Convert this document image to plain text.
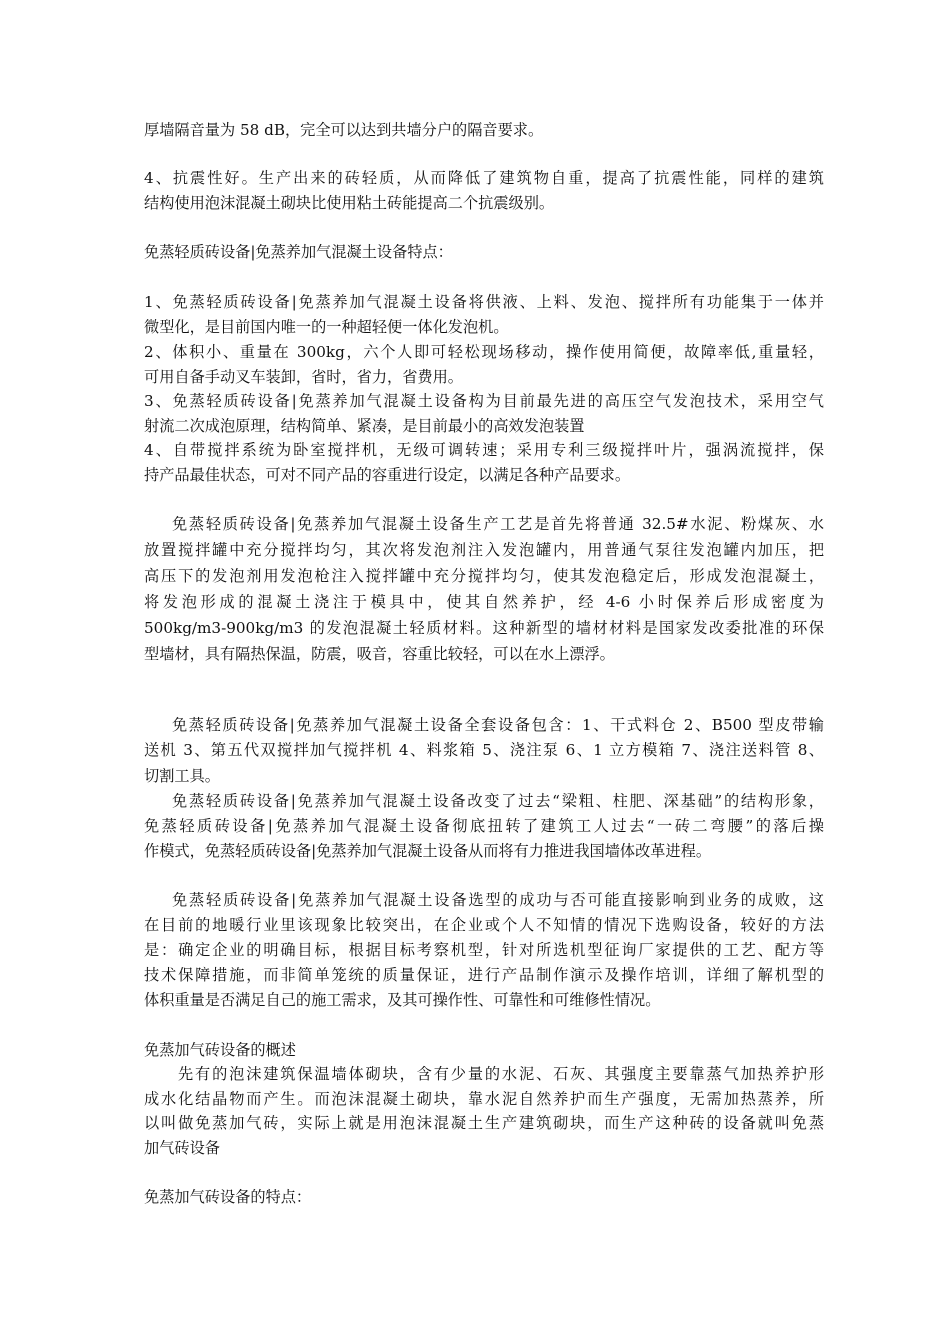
厚墙隔音量为 58 dB，完全可以达到共墙分户的隔音要求。
4、抗震性好。生产出来的砖轻质，从而降低了建筑物自重，提高了抗震性能，同样的建筑
结构使用泡沫混凝土砌块比使用粘土砖能提高二个抗震级别。
免蒸轻质砖设备|免蒸养加气混凝土设备特点：
1、免蒸轻质砖设备|免蒸养加气混凝土设备将供液、上料、发泡、搅拌所有功能集于一体并
微型化，是目前国内唯一的一种超轻便一体化发泡机。
2、体积小、重量在 300kg，六个人即可轻松现场移动，操作使用简便，故障率低,重量轻，
可用自备手动叉车装卸，省时，省力，省费用。
3、免蒸轻质砖设备|免蒸养加气混凝土设备构为目前最先进的高压空气发泡技术，采用空气
射流二次成泡原理，结构简单、紧凑，是目前最小的高效发泡装置
4、自带搅拌系统为卧室搅拌机，无级可调转速；采用专利三级搅拌叶片，强涡流搅拌，保
持产品最佳状态，可对不同产品的容重进行设定，以满足各种产品要求。
免蒸轻质砖设备|免蒸养加气混凝土设备生产工艺是首先将普通 32.5#水泥、粉煤灰、水
放置搅拌罐中充分搅拌均匀，其次将发泡剂注入发泡罐内，用普通气泵往发泡罐内加压，把
高压下的发泡剂用发泡枪注入搅拌罐中充分搅拌均匀，使其发泡稳定后，形成发泡混凝土，
将发泡形成的混凝土浇注于模具中，使其自然养护，经 4-6 小时保养后形成密度为
500kg/m3-900kg/m3 的发泡混凝土轻质材料。这种新型的墙材材料是国家发改委批准的环保
型墙材，具有隔热保温，防震，吸音，容重比较轻，可以在水上漂浮。
免蒸轻质砖设备|免蒸养加气混凝土设备全套设备包含：1、干式料仓 2、B500 型皮带输
送机 3、第五代双搅拌加气搅拌机 4、料浆箱 5、浇注泵 6、1 立方模箱 7、浇注送料管 8、
切割工具。
免蒸轻质砖设备|免蒸养加气混凝土设备改变了过去“梁粗、柱肥、深基础”的结构形象，
免蒸轻质砖设备|免蒸养加气混凝土设备彻底扭转了建筑工人过去“一砖二弯腰”的落后操
作模式，免蒸轻质砖设备|免蒸养加气混凝土设备从而将有力推进我国墙体改革进程。
免蒸轻质砖设备|免蒸养加气混凝土设备选型的成功与否可能直接影响到业务的成败，这
在目前的地暖行业里该现象比较突出，在企业或个人不知情的情况下选购设备，较好的方法
是：确定企业的明确目标，根据目标考察机型，针对所选机型征询厂家提供的工艺、配方等
技术保障措施，而非简单笼统的质量保证，进行产品制作演示及操作培训，详细了解机型的
体积重量是否满足自己的施工需求，及其可操作性、可靠性和可维修性情况。
免蒸加气砖设备的概述
先有的泡沫建筑保温墙体砌块，含有少量的水泥、石灰、其强度主要靠蒸气加热养护形
成水化结晶物而产生。而泡沫混凝土砌块，靠水泥自然养护而生产强度，无需加热蒸养，所
以叫做免蒸加气砖，实际上就是用泡沫混凝土生产建筑砌块，而生产这种砖的设备就叫免蒸
加气砖设备
免蒸加气砖设备的特点：
